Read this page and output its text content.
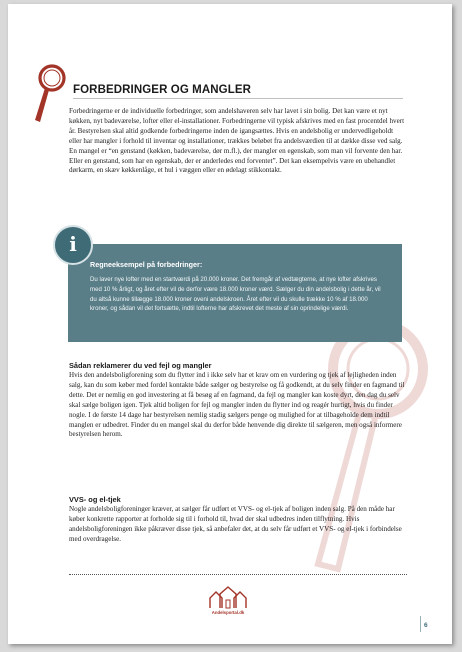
FORBEDRINGER OG MANGLER

Forbedringerne er de individuelle forbedringer, som andelshaveren selv har lavet i sin bolig. Det kan være et nyt køkken, nyt badeværelse, lofter eller el-installationer. Forbedringerne vil typisk afskrives med en fast procentdel hvert år. Bestyrelsen skal altid godkende forbedringerne inden de igangsættes. Hvis en andelsbolig er undervedligeholdt eller har mangler i forhold til inventar og installationer, trækkes beløbet fra andelsværdien til at dække disse ved salg. En mangel er “en genstand (køkken, badeværelse, dør m.fl.), der mangler en egenskab, som man vil forvente den har. Eller en genstand, som har en egenskab, der er anderledes end forventet”. Det kan eksempelvis være en ubehandlet dørkarm, en skæv køkkenlåge, et hul i væggen eller en ødelagt stikkontakt.

Regneeksempel på forbedringer:

Du laver nye lofter med en startværdi på 20.000 kroner. Det fremgår af vedtægterne, at nye lofter afskrives med 10 % årligt, og året efter vil de derfor være 18.000 kroner værd. Sælger du din andelsbolig i dette år, vil du altså kunne tillægge 18.000 kroner oveni andelskroen. Året efter vil du skulle trække 10 % af 18.000 kroner, og sådan vil det fortsætte, indtil lofterne har afskrevet det meste af sin oprindelige værdi.

i
Sådan reklamerer du ved fejl og mangler

Hvis den andelsboligforening som du flytter ind i ikke selv har et krav om en vurdering og tjek af lejligheden inden salg, kan du som køber med fordel kontakte både sælger og bestyrelse og få godkendt, at du selv finder en fagmand til dette. Det er nemlig en god investering at få besøg af en fagmand, da fejl og mangler kan koste dyrt, den dag du selv skal sælge boligen igen. Tjek altid boligen for fejl og mangler inden du flytter ind og reagér hurtigt, hvis du finder nogle. I de første 14 dage har bestyrelsen nemlig stadig sælgers penge og mulighed for at tilbageholde dem indtil manglen er udbedret. Finder du en mangel skal du derfor både henvende dig direkte til sælgeren, men også informere bestyrelsen herom.

VVS- og el-tjek

Nogle andelsboligforeninger kræver, at sælger får udført et VVS- og el-tjek af boligen inden salg. På den måde har køber konkrette rapporter at forholde sig til i forhold til, hvad der skal udbedres inden tilflytning. Hvis andelsboligforeningen ikke påkræver disse tjek, så anbefaler det, at du selv får udført et VVS- og el-tjek i forbindelse med overdragelse.

Andelsportal.dk
6
